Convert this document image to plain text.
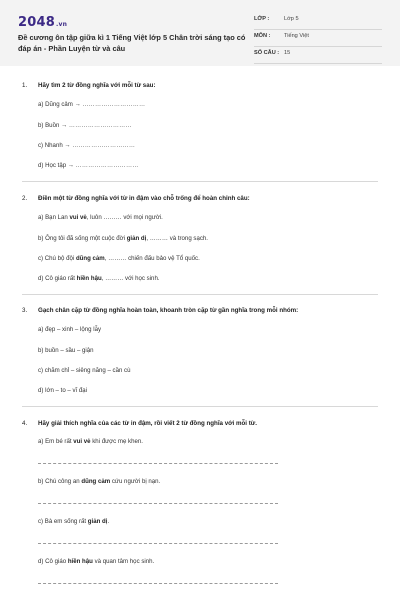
2048.vn
Đề cương ôn tập giữa kì 1 Tiếng Việt lớp 5 Chân trời sáng tạo có đáp án - Phần Luyện từ và câu
LỚP :	Lớp 5
MÔN : Tiếng Việt
SỐ CÂU : 15
1. Hãy tìm 2 từ đồng nghĩa với mỗi từ sau:
a) Dũng cảm → …………………………
b) Buồn → …………………………
c) Nhanh → …………………………
d) Học tập → …………………………
2. Điền một từ đồng nghĩa với từ in đậm vào chỗ trống để hoàn chỉnh câu:
a) Bạn Lan vui vẻ, luôn ……… với mọi người.
b) Ông tôi đã sống một cuộc đời giản dị, ……… và trong sạch.
c) Chú bộ đội dũng cảm, ……… chiến đấu bảo vệ Tổ quốc.
d) Cô giáo rất hiền hậu, ……… với học sinh.
3. Gạch chân cặp từ đồng nghĩa hoàn toàn, khoanh tròn cặp từ gần nghĩa trong mỗi nhóm:
a) đẹp – xinh – lộng lẫy
b) buồn – sầu – giận
c) chăm chỉ – siêng năng – cần cù
d) lớn – to – vĩ đại
4. Hãy giải thích nghĩa của các từ in đậm, rồi viết 2 từ đồng nghĩa với mỗi từ.
a) Em bé rất vui vẻ khi được mẹ khen.
b) Chú công an dũng cảm cứu người bị nạn.
c) Bà em sống rất giản dị.
d) Cô giáo hiền hậu và quan tâm học sinh.
